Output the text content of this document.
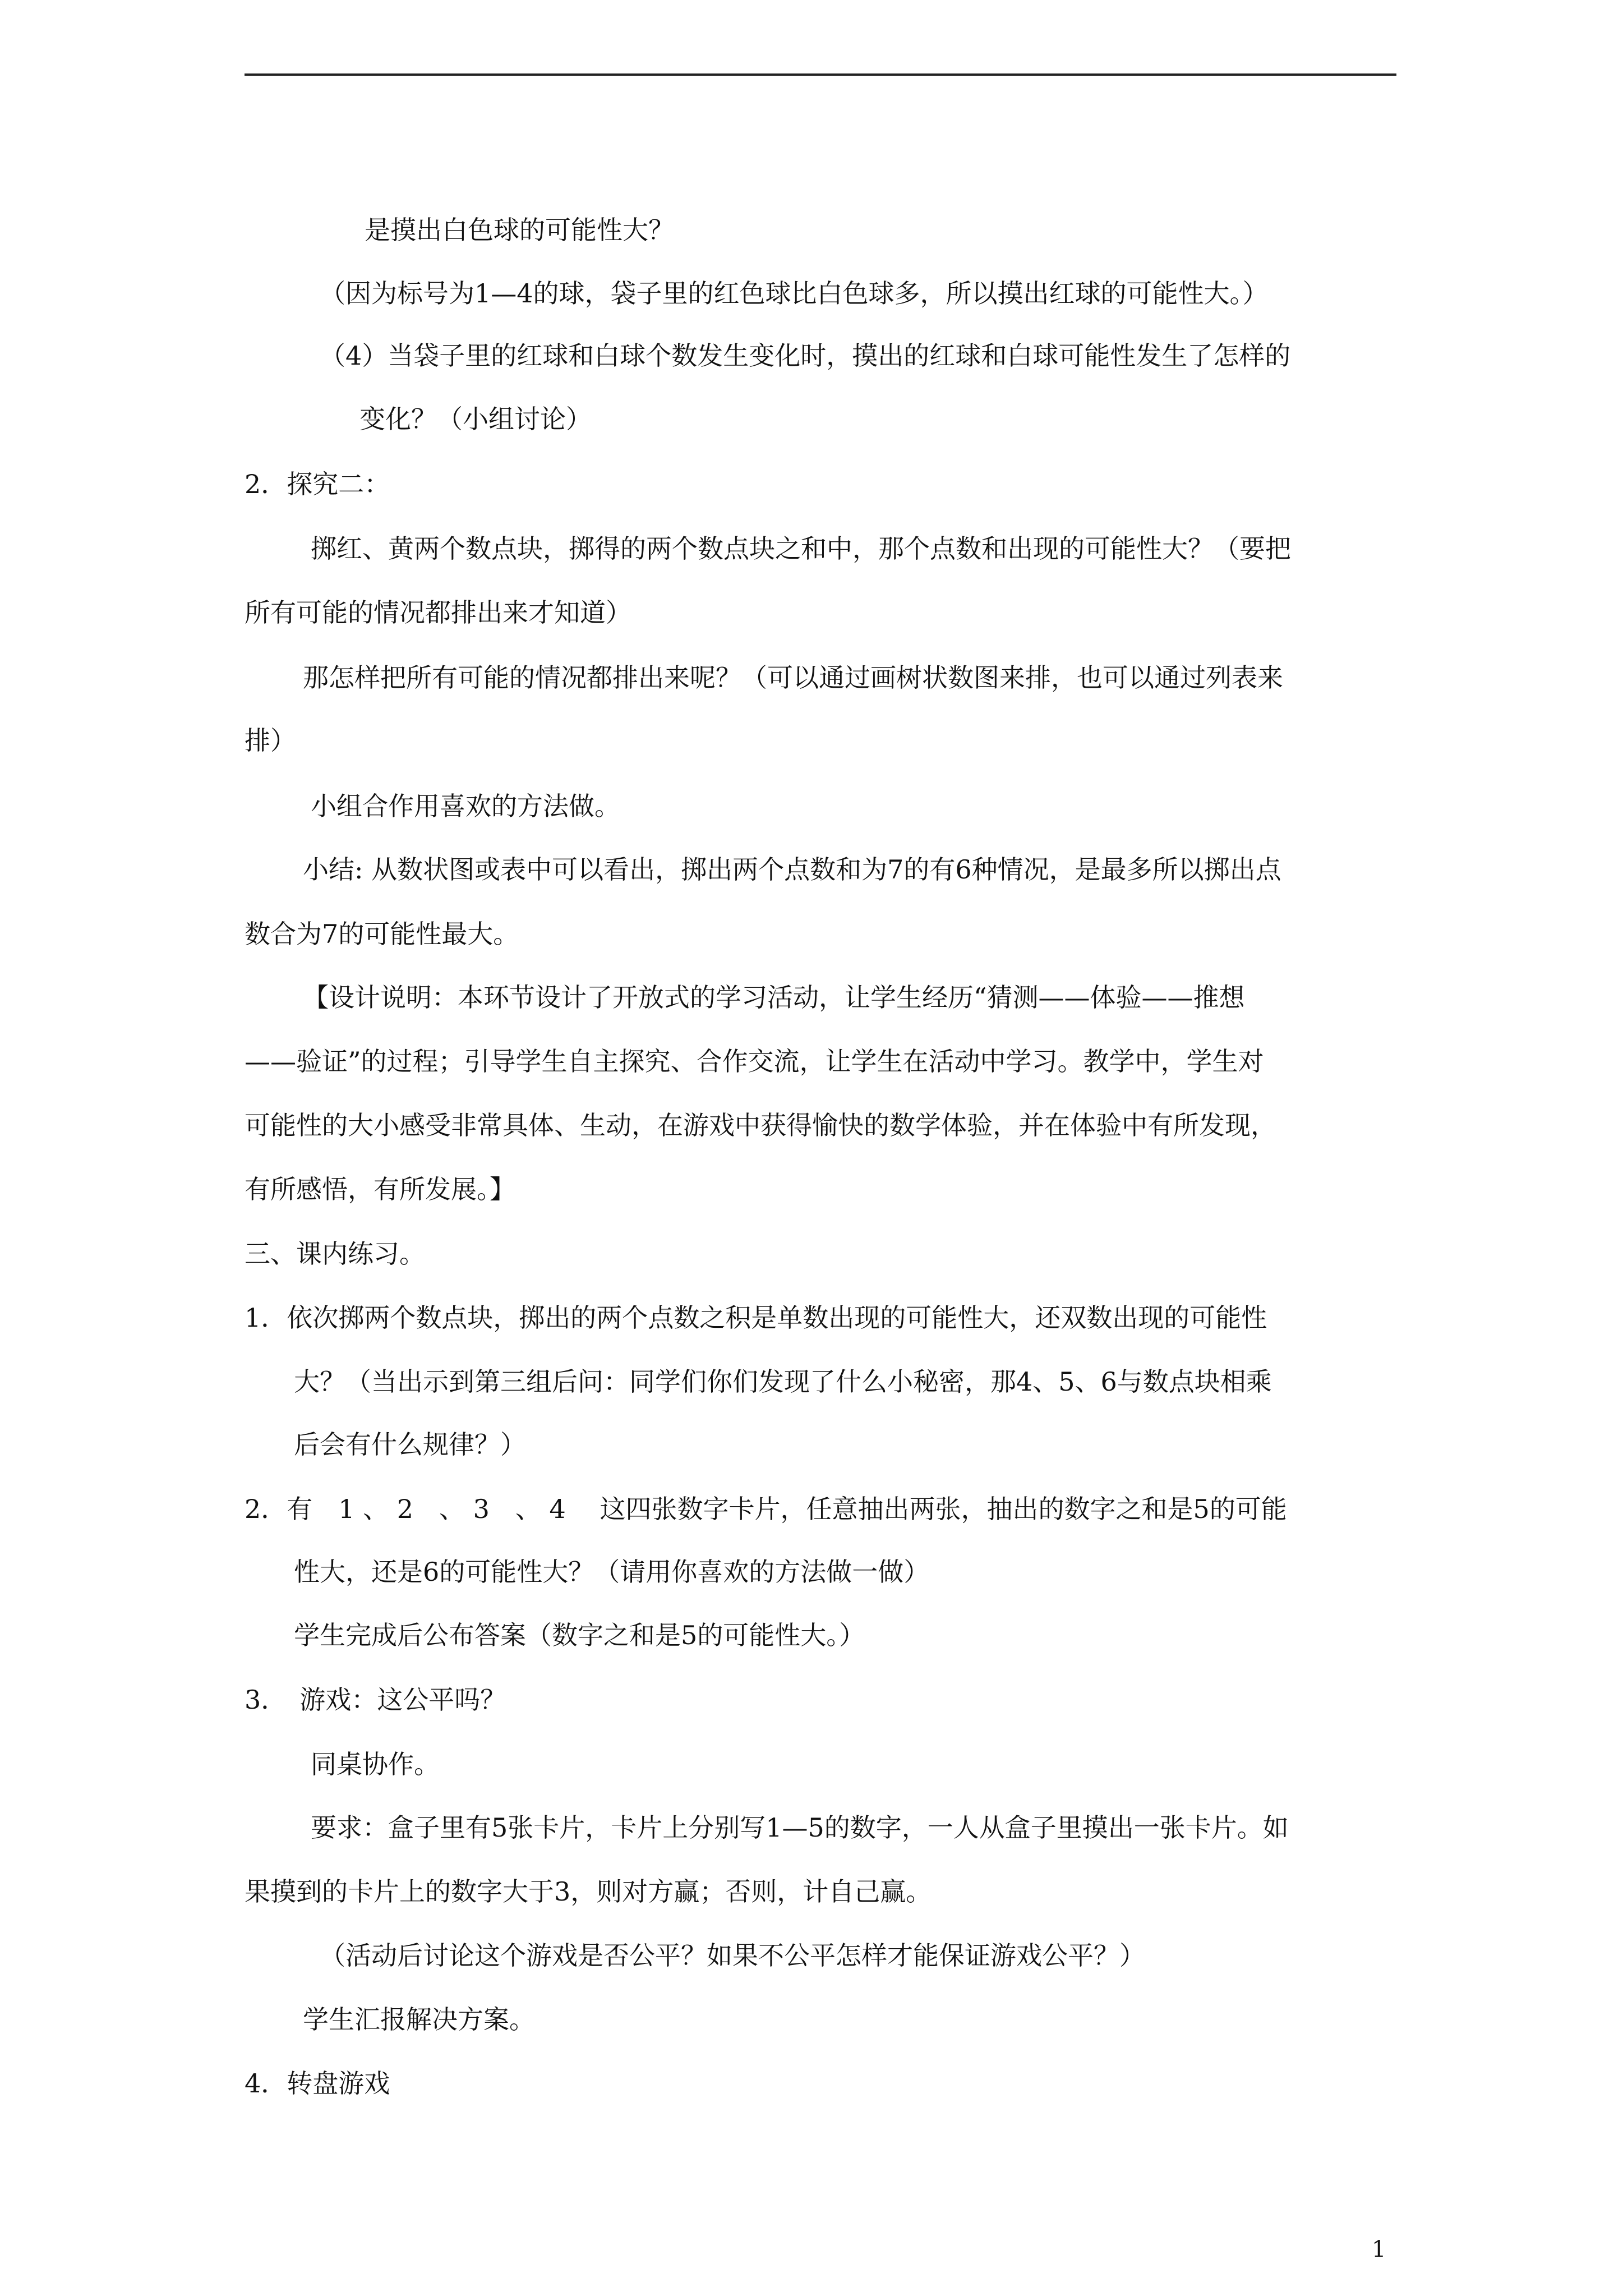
是摸出白色球的可能性大？
（因为标号为1—4的球，袋子里的红色球比白色球多，所以摸出红球的可能性大。）
（4）当袋子里的红球和白球个数发生变化时，摸出的红球和白球可能性发生了怎样的
变化？（小组讨论）
2．探究二：
掷红、黄两个数点块，掷得的两个数点块之和中，那个点数和出现的可能性大？（要把
所有可能的情况都排出来才知道）
那怎样把所有可能的情况都排出来呢？（可以通过画树状数图来排，也可以通过列表来
排）
小组合作用喜欢的方法做。
小结: 从数状图或表中可以看出，掷出两个点数和为7的有6种情况，是最多所以掷出点
数合为7的可能性最大。
【设计说明：本环节设计了开放式的学习活动，让学生经历“猜测——体验——推想
——验证”的过程；引导学生自主探究、合作交流，让学生在活动中学习。教学中，学生对
可能性的大小感受非常具体、生动，在游戏中获得愉快的数学体验，并在体验中有所发现，
有所感悟，有所发展。】
三、课内练习。
1．依次掷两个数点块，掷出的两个点数之积是单数出现的可能性大，还双数出现的可能性
大？（当出示到第三组后问：同学们你们发现了什么小秘密，那4、5、6与数点块相乘
后会有什么规律？）
2．有　1 、 2　、 3　、 4　 这四张数字卡片，任意抽出两张，抽出的数字之和是5的可能
性大，还是6的可能性大？（请用你喜欢的方法做一做）
学生完成后公布答案（数字之和是5的可能性大。）
3．　游戏：这公平吗？
同桌协作。
要求：盒子里有5张卡片，卡片上分别写1—5的数字，一人从盒子里摸出一张卡片。如
果摸到的卡片上的数字大于3，则对方赢；否则，计自己赢。
（活动后讨论这个游戏是否公平？如果不公平怎样才能保证游戏公平？）
学生汇报解决方案。
4．转盘游戏
1
